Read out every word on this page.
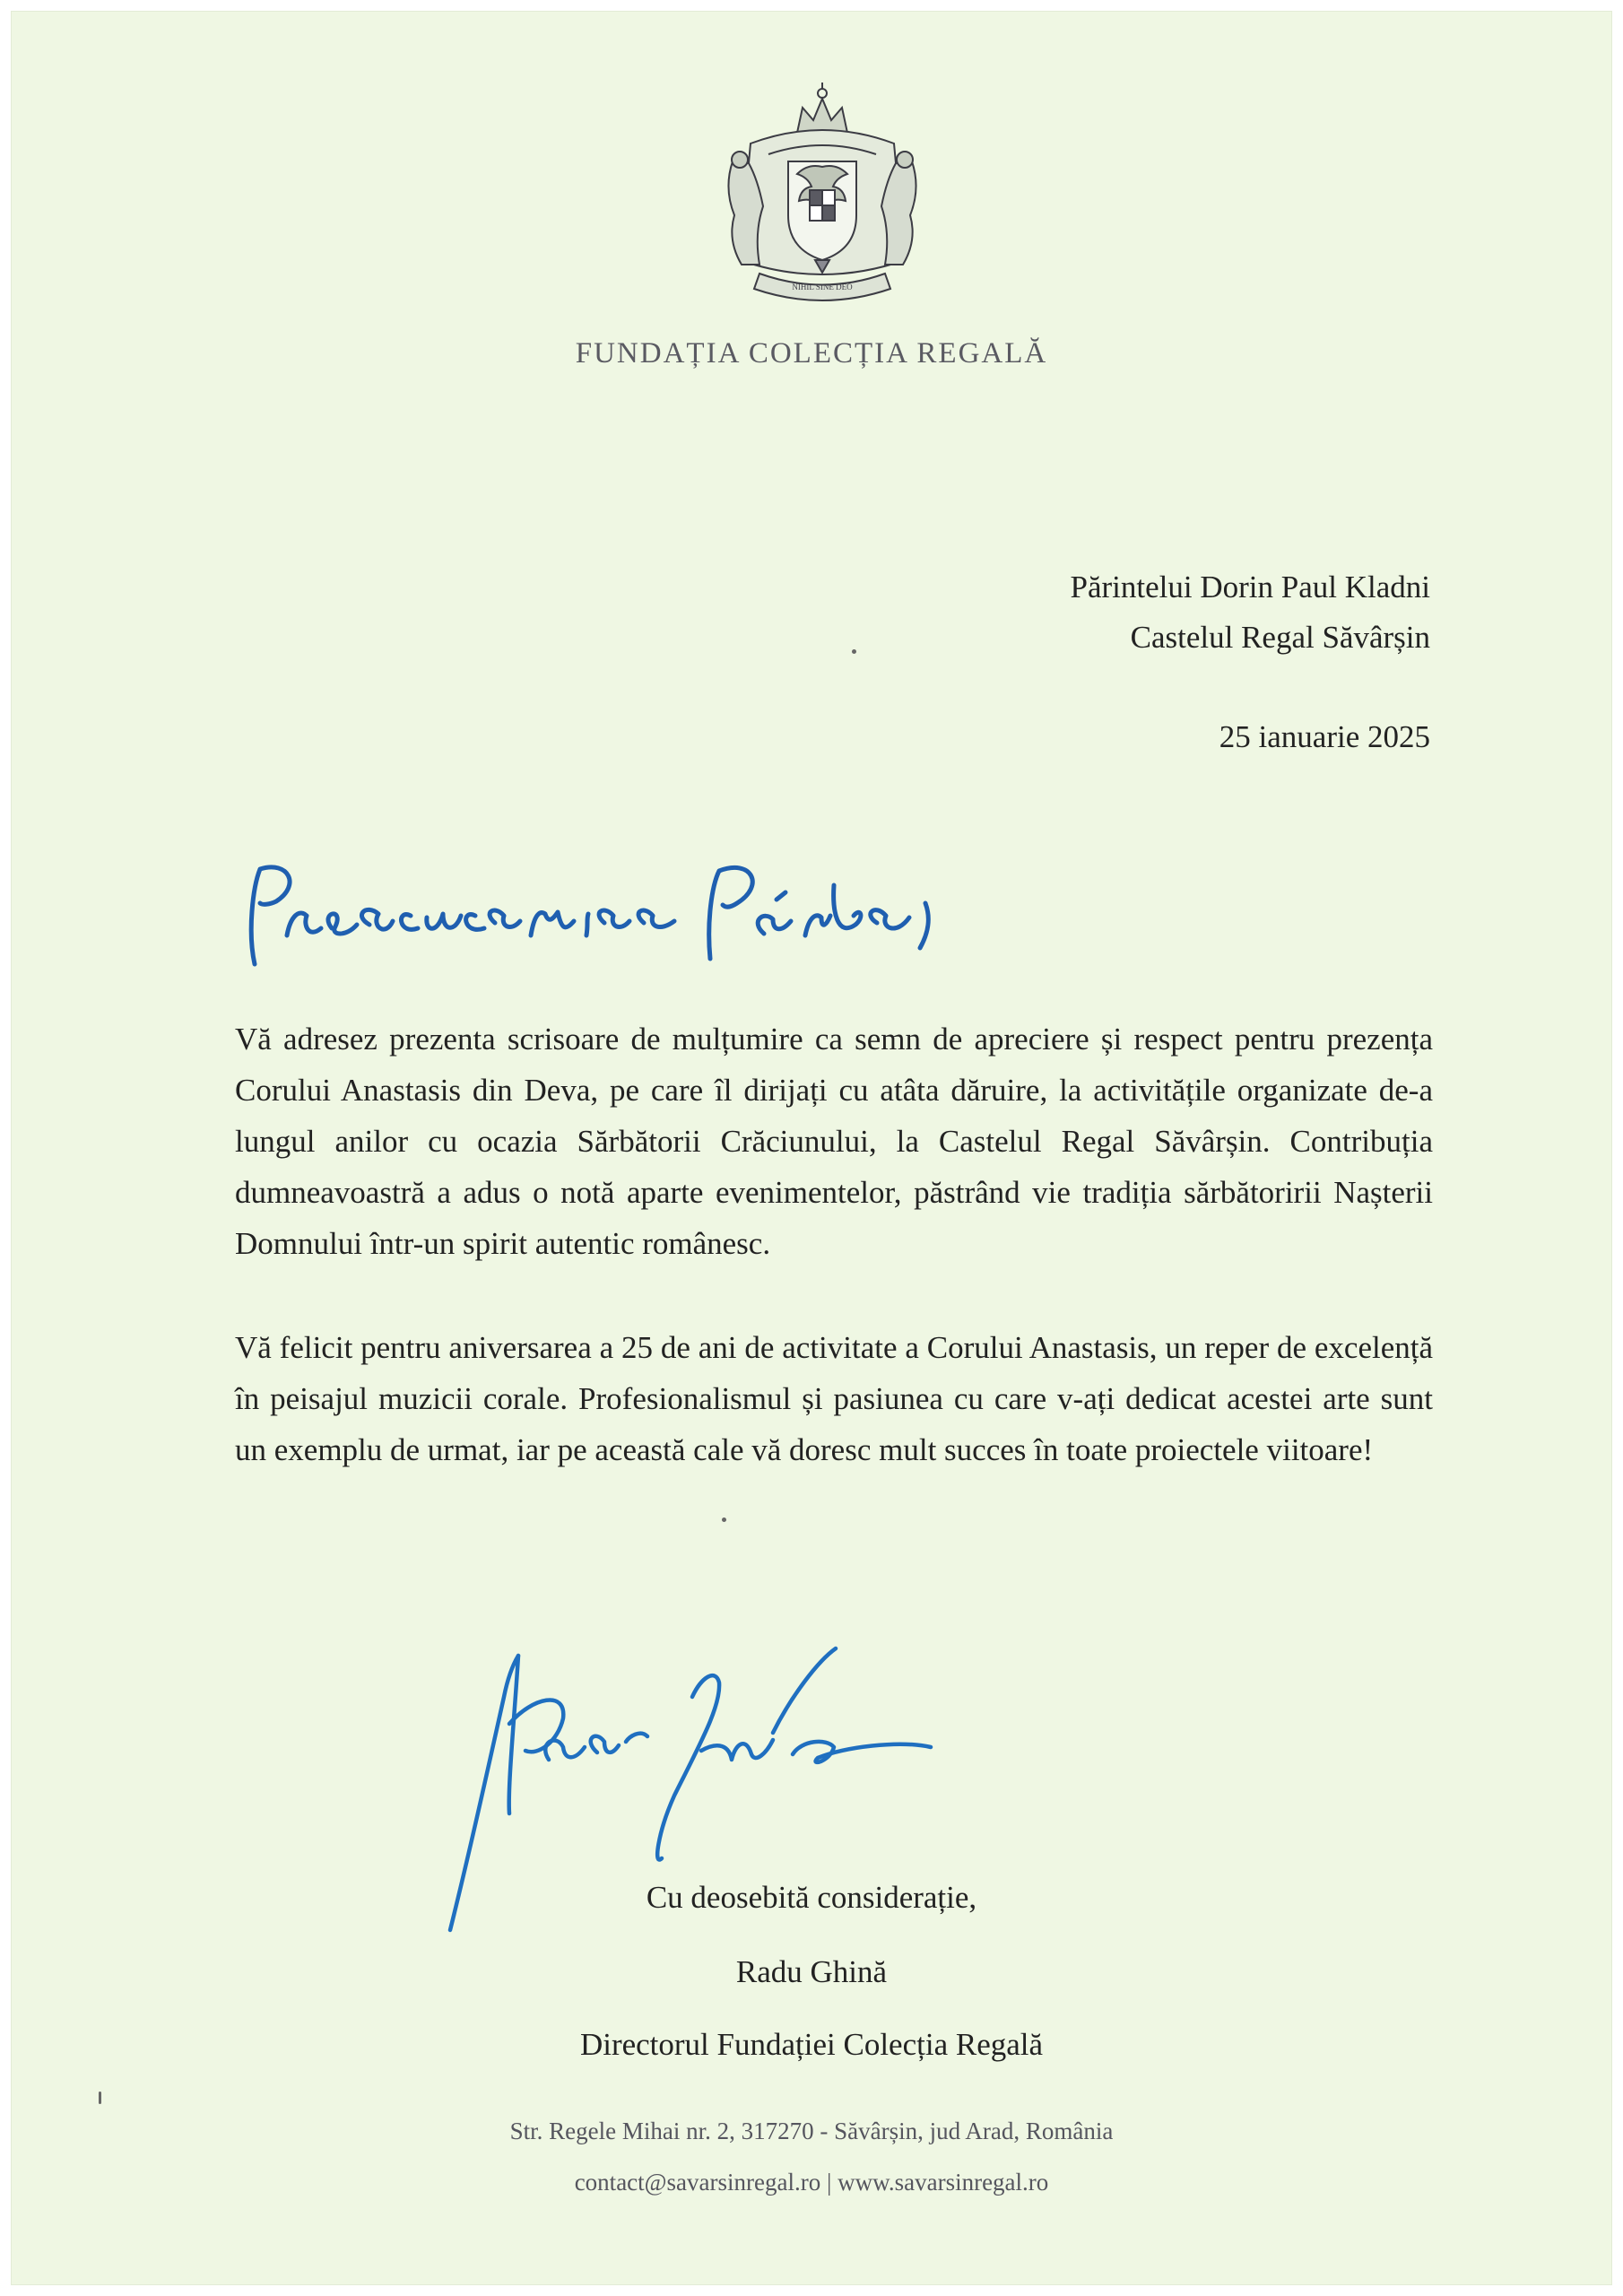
NIHIL SINE DEO
FUNDAȚIA COLECȚIA REGALĂ
Părintelui Dorin Paul Kladni
Castelul Regal Săvârșin
25 ianuarie 2025

Vă adresez prezenta scrisoare de mulțumire ca semn de apreciere și respect pentru prezența Corului Anastasis din Deva, pe care îl dirijați cu atâta dăruire, la activitățile organizate de-a lungul anilor cu ocazia Sărbătorii Crăciunului, la Castelul Regal Săvârșin. Contribuția dumneavoastră a adus o notă aparte evenimentelor, păstrând vie tradiția sărbătoririi Nașterii Domnului într-un spirit autentic românesc.

Vă felicit pentru aniversarea a 25 de ani de activitate a Corului Anastasis, un reper de excelență în peisajul muzicii corale. Profesionalismul și pasiunea cu care v-ați dedicat acestei arte sunt un exemplu de urmat, iar pe această cale vă doresc mult succes în toate proiectele viitoare!

Cu deosebită considerație,
Radu Ghină
Directorul Fundației Colecția Regală
Str. Regele Mihai nr. 2, 317270 - Săvârșin, jud Arad, România
contact@savarsinregal.ro | www.savarsinregal.ro
